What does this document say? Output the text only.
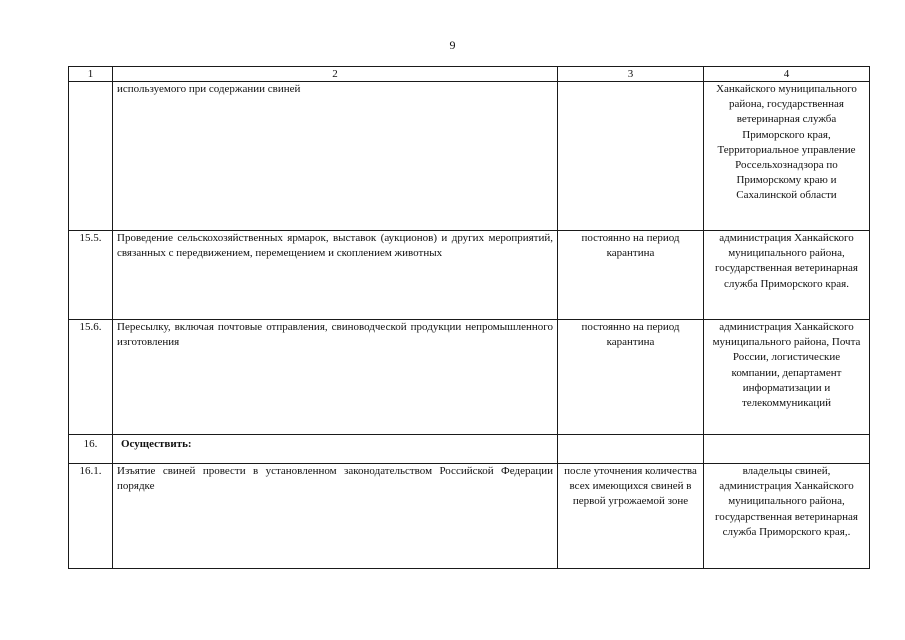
9
1	2	3	4
	используемого при содержании свиней		Ханкайского муниципального района, государственная ветеринарная служба Приморского края, Территориальное управление Россельхознадзора по Приморскому краю и Сахалинской области
15.5.	Проведение сельскохозяйственных ярмарок, выставок (аукционов) и других мероприятий, связанных с передвижением, перемещением и скоплением животных	постоянно на период карантина	администрация Ханкайского муниципального района, государственная ветеринарная служба Приморского края.
15.6.	Пересылку, включая почтовые отправления, свиноводческой продукции непромышленного изготовления	постоянно на период карантина	администрация Ханкайского муниципального района, Почта России, логистические компании, департамент информатизации и телекоммуникаций
16.	Осуществить:		
16.1.	Изъятие свиней провести в установленном законодательством Российской Федерации порядке	после уточнения количества всех имеющихся свиней в первой угрожаемой зоне	владельцы свиней, администрация Ханкайского муниципального района, государственная ветеринарная служба Приморского края,.
